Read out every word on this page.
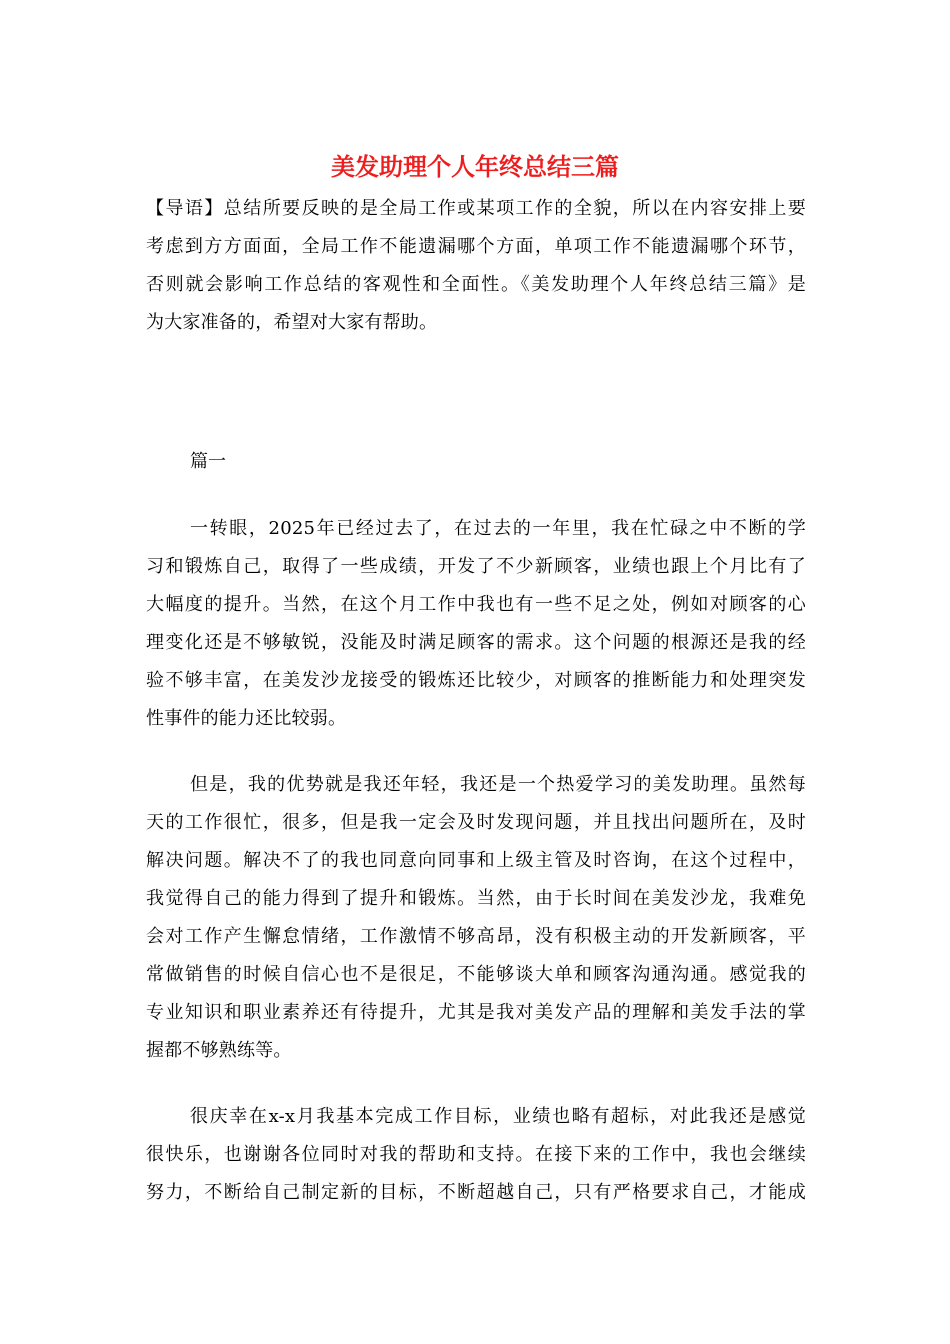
美发助理个人年终总结三篇
【导语】总结所要反映的是全局工作或某项工作的全貌，所以在内容安排上要
考虑到方方面面，全局工作不能遗漏哪个方面，单项工作不能遗漏哪个环节，
否则就会影响工作总结的客观性和全面性。《美发助理个人年终总结三篇》是
为大家准备的，希望对大家有帮助。
篇一
一转眼，2025年已经过去了，在过去的一年里，我在忙碌之中不断的学
习和锻炼自己，取得了一些成绩，开发了不少新顾客，业绩也跟上个月比有了
大幅度的提升。当然，在这个月工作中我也有一些不足之处，例如对顾客的心
理变化还是不够敏锐，没能及时满足顾客的需求。这个问题的根源还是我的经
验不够丰富，在美发沙龙接受的锻炼还比较少，对顾客的推断能力和处理突发
性事件的能力还比较弱。
但是，我的优势就是我还年轻，我还是一个热爱学习的美发助理。虽然每
天的工作很忙，很多，但是我一定会及时发现问题，并且找出问题所在，及时
解决问题。解决不了的我也同意向同事和上级主管及时咨询，在这个过程中，
我觉得自己的能力得到了提升和锻炼。当然，由于长时间在美发沙龙，我难免
会对工作产生懈怠情绪，工作激情不够高昂，没有积极主动的开发新顾客，平
常做销售的时候自信心也不是很足，不能够谈大单和顾客沟通沟通。感觉我的
专业知识和职业素养还有待提升，尤其是我对美发产品的理解和美发手法的掌
握都不够熟练等。
很庆幸在x-x月我基本完成工作目标，业绩也略有超标，对此我还是感觉
很快乐，也谢谢各位同时对我的帮助和支持。在接下来的工作中，我也会继续
努力，不断给自己制定新的目标，不断超越自己，只有严格要求自己，才能成
